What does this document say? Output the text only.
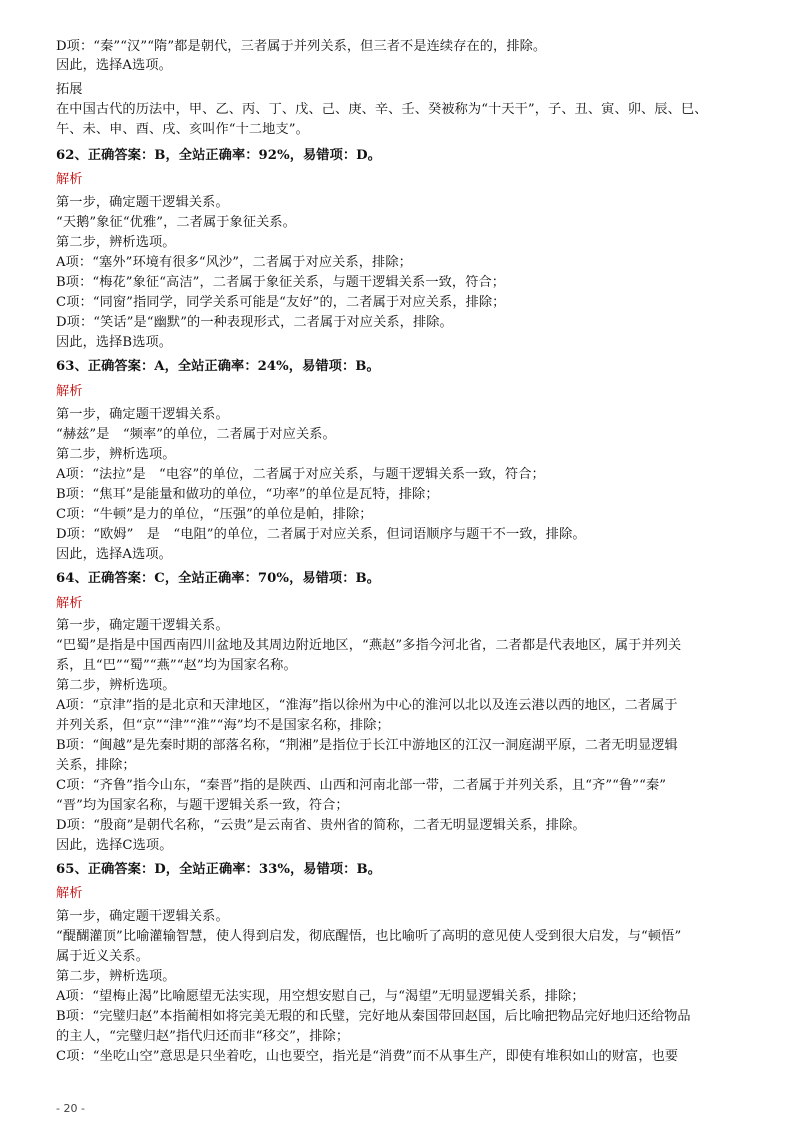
D项：“秦”“汉”“隋”都是朝代，三者属于并列关系，但三者不是连续存在的，排除。
因此，选择A选项。
拓展
在中国古代的历法中，甲、乙、丙、丁、戊、己、庚、辛、壬、癸被称为“十天干”，子、丑、寅、卯、辰、巳、
午、未、申、酉、戌、亥叫作“十二地支”。
62、正确答案：B，全站正确率：92%，易错项：D。
解析
第一步，确定题干逻辑关系。
“天鹅”象征“优雅”，二者属于象征关系。
第二步，辨析选项。
A项：“塞外”环境有很多“风沙”，二者属于对应关系，排除；
B项：“梅花”象征“高洁”，二者属于象征关系，与题干逻辑关系一致，符合；
C项：“同窗”指同学，同学关系可能是“友好”的，二者属于对应关系，排除；
D项：“笑话”是“幽默”的一种表现形式，二者属于对应关系，排除。
因此，选择B选项。
63、正确答案：A，全站正确率：24%，易错项：B。
解析
第一步，确定题干逻辑关系。
“赫兹”是　“频率”的单位，二者属于对应关系。
第二步，辨析选项。
A项：“法拉”是　“电容”的单位，二者属于对应关系，与题干逻辑关系一致，符合；
B项：“焦耳”是能量和做功的单位，“功率”的单位是瓦特，排除；
C项：“牛顿”是力的单位，“压强”的单位是帕，排除；
D项：“欧姆”　是　“电阻”的单位，二者属于对应关系，但词语顺序与题干不一致，排除。
因此，选择A选项。
64、正确答案：C，全站正确率：70%，易错项：B。
解析
第一步，确定题干逻辑关系。
“巴蜀”是指是中国西南四川盆地及其周边附近地区，“燕赵”多指今河北省，二者都是代表地区，属于并列关
系，且“巴”“蜀”“燕”“赵”均为国家名称。
第二步，辨析选项。
A项：“京津”指的是北京和天津地区，“淮海”指以徐州为中心的淮河以北以及连云港以西的地区，二者属于
并列关系，但“京”“津”“淮”“海”均不是国家名称，排除；
B项：“闽越”是先秦时期的部落名称，“荆湘”是指位于长江中游地区的江汉一洞庭湖平原，二者无明显逻辑
关系，排除；
C项：“齐鲁”指今山东，“秦晋”指的是陕西、山西和河南北部一带，二者属于并列关系，且“齐”“鲁”“秦”
“晋”均为国家名称，与题干逻辑关系一致，符合；
D项：“殷商”是朝代名称，“云贵”是云南省、贵州省的简称，二者无明显逻辑关系，排除。
因此，选择C选项。
65、正确答案：D，全站正确率：33%，易错项：B。
解析
第一步，确定题干逻辑关系。
“醍醐灌顶”比喻灌输智慧，使人得到启发，彻底醒悟，也比喻听了高明的意见使人受到很大启发，与“顿悟”
属于近义关系。
第二步，辨析选项。
A项：“望梅止渴”比喻愿望无法实现，用空想安慰自己，与“渴望”无明显逻辑关系，排除；
B项：“完璧归赵”本指蔺相如将完美无瑕的和氏璧，完好地从秦国带回赵国，后比喻把物品完好地归还给物品
的主人，“完璧归赵”指代归还而非“移交”，排除；
C项：“坐吃山空”意思是只坐着吃，山也要空，指光是“消费”而不从事生产，即使有堆积如山的财富，也要
- 20 -
